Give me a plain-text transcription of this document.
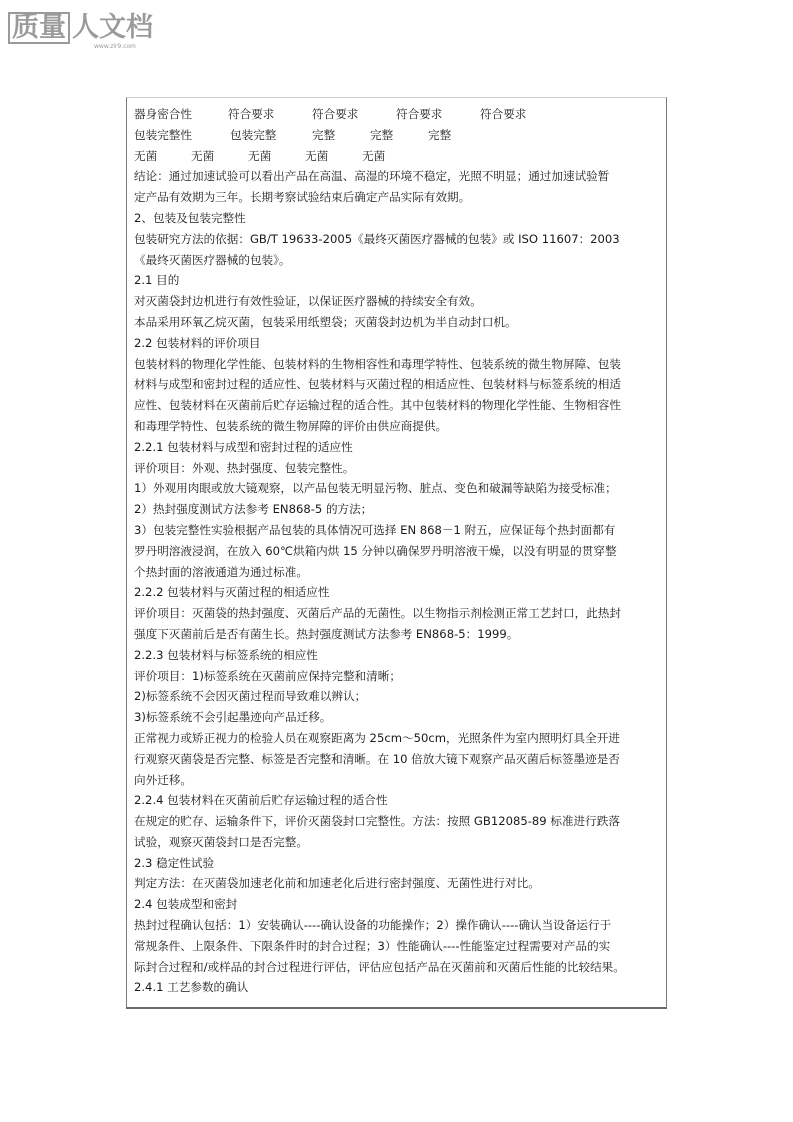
质量 人文档
www.zlr9.com
器身密合性	符合要求	符合要求	符合要求	符合要求
包装完整性	包装完整	完整	完整	完整
无菌	无菌	无菌	无菌	无菌
结论：通过加速试验可以看出产品在高温、高湿的环境不稳定，光照不明显；通过加速试验暂
定产品有效期为三年。长期考察试验结束后确定产品实际有效期。
2、包装及包装完整性
包装研究方法的依据：GB/T 19633-2005《最终灭菌医疗器械的包装》或 ISO 11607：2003
《最终灭菌医疗器械的包装》。
2.1 目的
对灭菌袋封边机进行有效性验证，以保证医疗器械的持续安全有效。
本品采用环氧乙烷灭菌，包装采用纸塑袋；灭菌袋封边机为半自动封口机。
2.2 包装材料的评价项目
包装材料的物理化学性能、包装材料的生物相容性和毒理学特性、包装系统的微生物屏障、包装
材料与成型和密封过程的适应性、包装材料与灭菌过程的相适应性、包装材料与标签系统的相适
应性、包装材料在灭菌前后贮存运输过程的适合性。其中包装材料的物理化学性能、生物相容性
和毒理学特性、包装系统的微生物屏障的评价由供应商提供。
2.2.1 包装材料与成型和密封过程的适应性
评价项目：外观、热封强度、包装完整性。
1）外观用肉眼或放大镜观察，以产品包装无明显污物、脏点、变色和破漏等缺陷为接受标准；
2）热封强度测试方法参考 EN868-5 的方法；
3）包装完整性实验根据产品包装的具体情况可选择 EN 868－1 附五，应保证每个热封面都有
罗丹明溶液浸润，在放入 60℃烘箱内烘 15 分钟以确保罗丹明溶液干燥，以没有明显的贯穿整
个热封面的溶液通道为通过标准。
2.2.2 包装材料与灭菌过程的相适应性
评价项目：灭菌袋的热封强度、灭菌后产品的无菌性。以生物指示剂检测正常工艺封口，此热封
强度下灭菌前后是否有菌生长。热封强度测试方法参考 EN868-5：1999。
2.2.3 包装材料与标签系统的相应性
评价项目：1)标签系统在灭菌前应保持完整和清晰；
2)标签系统不会因灭菌过程而导致难以辨认；
3)标签系统不会引起墨迹向产品迁移。
正常视力或矫正视力的检验人员在观察距离为 25cm～50cm，光照条件为室内照明灯具全开进
行观察灭菌袋是否完整、标签是否完整和清晰。在 10 倍放大镜下观察产品灭菌后标签墨迹是否
向外迁移。
2.2.4 包装材料在灭菌前后贮存运输过程的适合性
在规定的贮存、运输条件下，评价灭菌袋封口完整性。方法：按照 GB12085-89 标准进行跌落
试验，观察灭菌袋封口是否完整。
2.3 稳定性试验
判定方法：在灭菌袋加速老化前和加速老化后进行密封强度、无菌性进行对比。
2.4 包装成型和密封
热封过程确认包括：1）安装确认----确认设备的功能操作；2）操作确认----确认当设备运行于
常规条件、上限条件、下限条件时的封合过程；3）性能确认----性能鉴定过程需要对产品的实
际封合过程和/或样品的封合过程进行评估，评估应包括产品在灭菌前和灭菌后性能的比较结果。
2.4.1 工艺参数的确认
